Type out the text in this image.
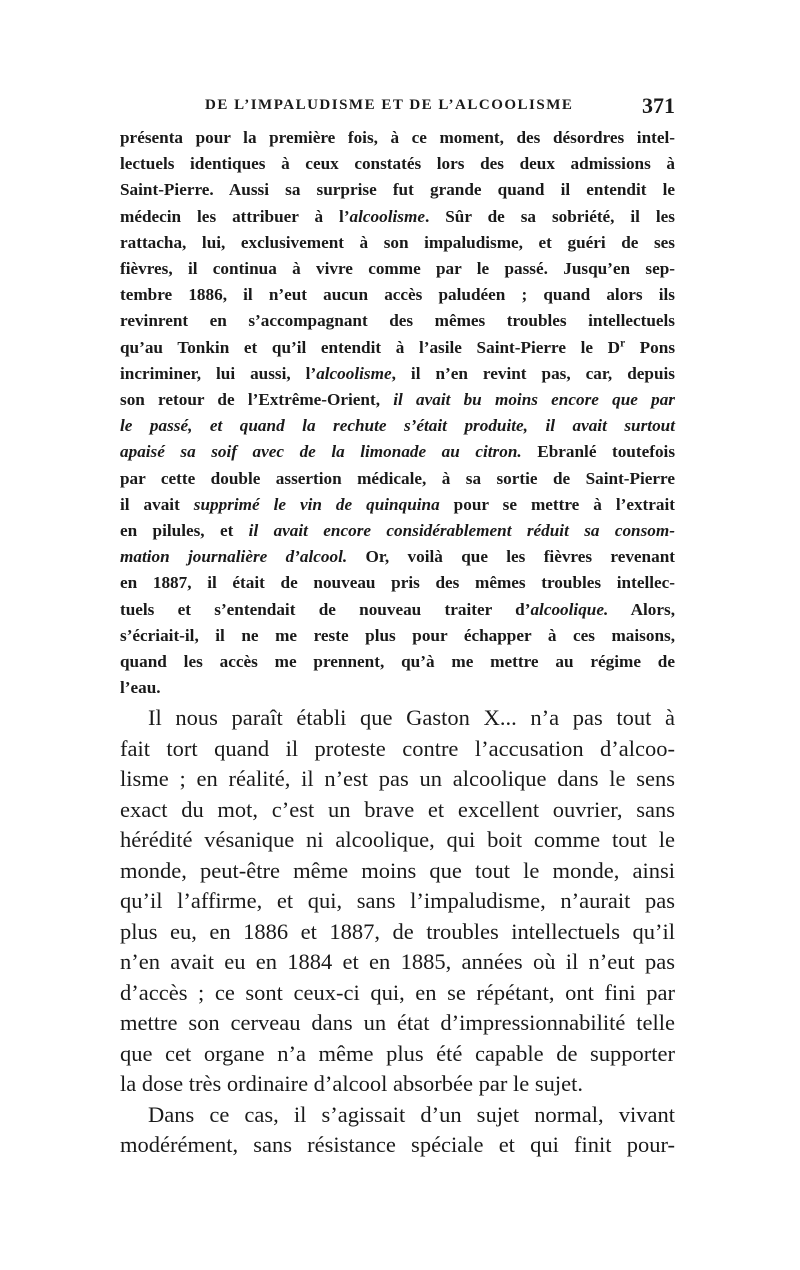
DE L’IMPALUDISME ET DE L’ALCOOLISME	371
présenta pour la première fois, à ce moment, des désordres intel-
lectuels identiques à ceux constatés lors des deux admissions à
Saint-Pierre. Aussi sa surprise fut grande quand il entendit le
médecin les attribuer à l’alcoolisme. Sûr de sa sobriété, il les
rattacha, lui, exclusivement à son impaludisme, et guéri de ses
fièvres, il continua à vivre comme par le passé. Jusqu’en sep-
tembre 1886, il n’eut aucun accès paludéen ; quand alors ils
revinrent en s’accompagnant des mêmes troubles intellectuels
qu’au Tonkin et qu’il entendit à l’asile Saint-Pierre le $D^r$ Pons
incriminer, lui aussi, l’alcoolisme, il n’en revint pas, car, depuis
son retour de l’Extrême-Orient, il avait bu moins encore que par
le passé, et quand la rechute s’était produite, il avait surtout
apaisé sa soif avec de la limonade au citron. Ebranlé toutefois
par cette double assertion médicale, à sa sortie de Saint-Pierre
il avait supprimé le vin de quinquina pour se mettre à l’extrait
en pilules, et il avait encore considérablement réduit sa consom-
mation journalière d’alcool. Or, voilà que les fièvres revenant
en 1887, il était de nouveau pris des mêmes troubles intellec-
tuels et s’entendait de nouveau traiter d’alcoolique. Alors,
s’écriait-il, il ne me reste plus pour échapper à ces maisons,
quand les accès me prennent, qu’à me mettre au régime de
l’eau.
Il nous paraît établi que Gaston X... n’a pas tout à
fait tort quand il proteste contre l’accusation d’alcoo-
lisme ; en réalité, il n’est pas un alcoolique dans le sens
exact du mot, c’est un brave et excellent ouvrier, sans
hérédité vésanique ni alcoolique, qui boit comme tout le
monde, peut-être même moins que tout le monde, ainsi
qu’il l’affirme, et qui, sans l’impaludisme, n’aurait pas
plus eu, en 1886 et 1887, de troubles intellectuels qu’il
n’en avait eu en 1884 et en 1885, années où il n’eut pas
d’accès ; ce sont ceux-ci qui, en se répétant, ont fini par
mettre son cerveau dans un état d’impressionnabilité telle
que cet organe n’a même plus été capable de supporter
la dose très ordinaire d’alcool absorbée par le sujet.
Dans ce cas, il s’agissait d’un sujet normal, vivant
modérément, sans résistance spéciale et qui finit pour-
